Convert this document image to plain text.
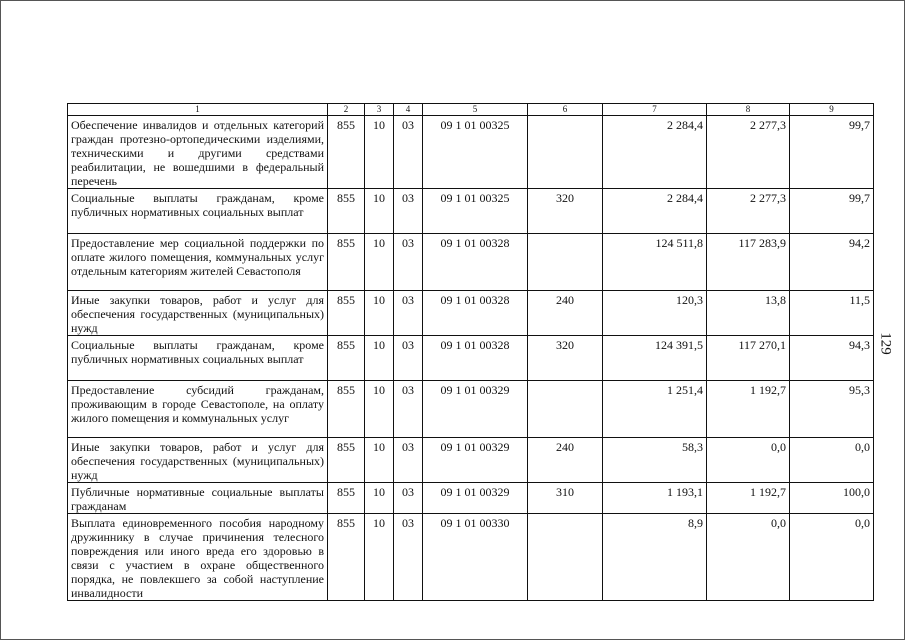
1	2	3	4	5	6	7	8	9
Обеспечение инвалидов и отдельных категорий граждан протезно-ортопедическими изделиями, техническими и другими средствами реабилитации, не вошедшими в федеральный перечень	855	10	03	09 1 01 00325		2 284,4	2 277,3	99,7
Социальные выплаты гражданам, кроме публичных нормативных социальных выплат	855	10	03	09 1 01 00325	320	2 284,4	2 277,3	99,7
Предоставление мер социальной поддержки по оплате жилого помещения, коммунальных услуг отдельным категориям жителей Севастополя	855	10	03	09 1 01 00328		124 511,8	117 283,9	94,2
Иные закупки товаров, работ и услуг для обеспечения государственных (муниципальных) нужд	855	10	03	09 1 01 00328	240	120,3	13,8	11,5
Социальные выплаты гражданам, кроме публичных нормативных социальных выплат	855	10	03	09 1 01 00328	320	124 391,5	117 270,1	94,3
Предоставление субсидий гражданам, проживающим в городе Севастополе, на оплату жилого помещения и коммунальных услуг	855	10	03	09 1 01 00329		1 251,4	1 192,7	95,3
Иные закупки товаров, работ и услуг для обеспечения государственных (муниципальных) нужд	855	10	03	09 1 01 00329	240	58,3	0,0	0,0
Публичные нормативные социальные выплаты гражданам	855	10	03	09 1 01 00329	310	1 193,1	1 192,7	100,0
Выплата единовременного пособия народному дружиннику в случае причинения телесного повреждения или иного вреда его здоровью в связи с участием в охране общественного порядка, не повлекшего за собой наступление инвалидности	855	10	03	09 1 01 00330		8,9	0,0	0,0
129
